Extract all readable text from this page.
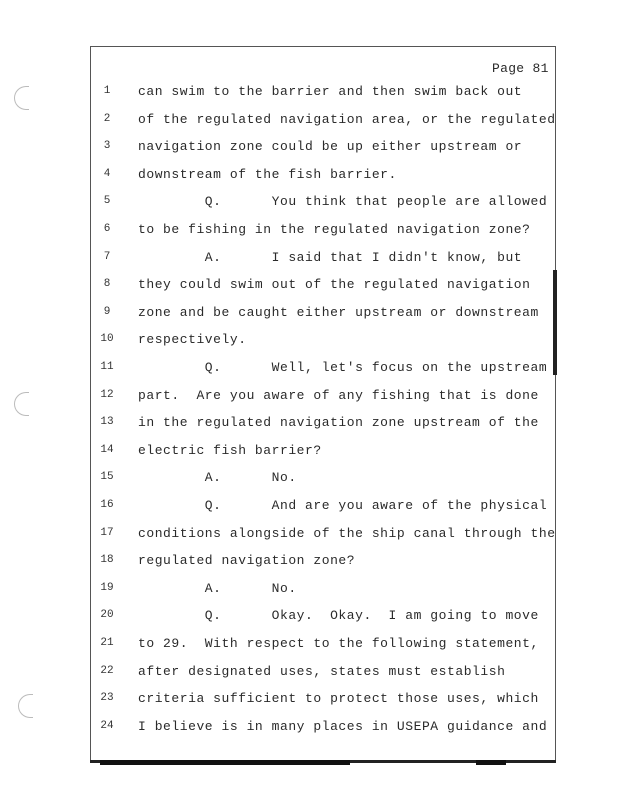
Page 81
1	can swim to the barrier and then swim back out
2	of the regulated navigation area, or the regulated
3	navigation zone could be up either upstream or
4	downstream of the fish barrier.
5	Q.      You think that people are allowed
6	to be fishing in the regulated navigation zone?
7	A.      I said that I didn't know, but
8	they could swim out of the regulated navigation
9	zone and be caught either upstream or downstream
10	respectively.
11	Q.      Well, let's focus on the upstream
12	part.  Are you aware of any fishing that is done
13	in the regulated navigation zone upstream of the
14	electric fish barrier?
15	A.      No.
16	Q.      And are you aware of the physical
17	conditions alongside of the ship canal through the
18	regulated navigation zone?
19	A.      No.
20	Q.      Okay.  Okay.  I am going to move
21	to 29.  With respect to the following statement,
22	after designated uses, states must establish
23	criteria sufficient to protect those uses, which
24	I believe is in many places in USEPA guidance and
